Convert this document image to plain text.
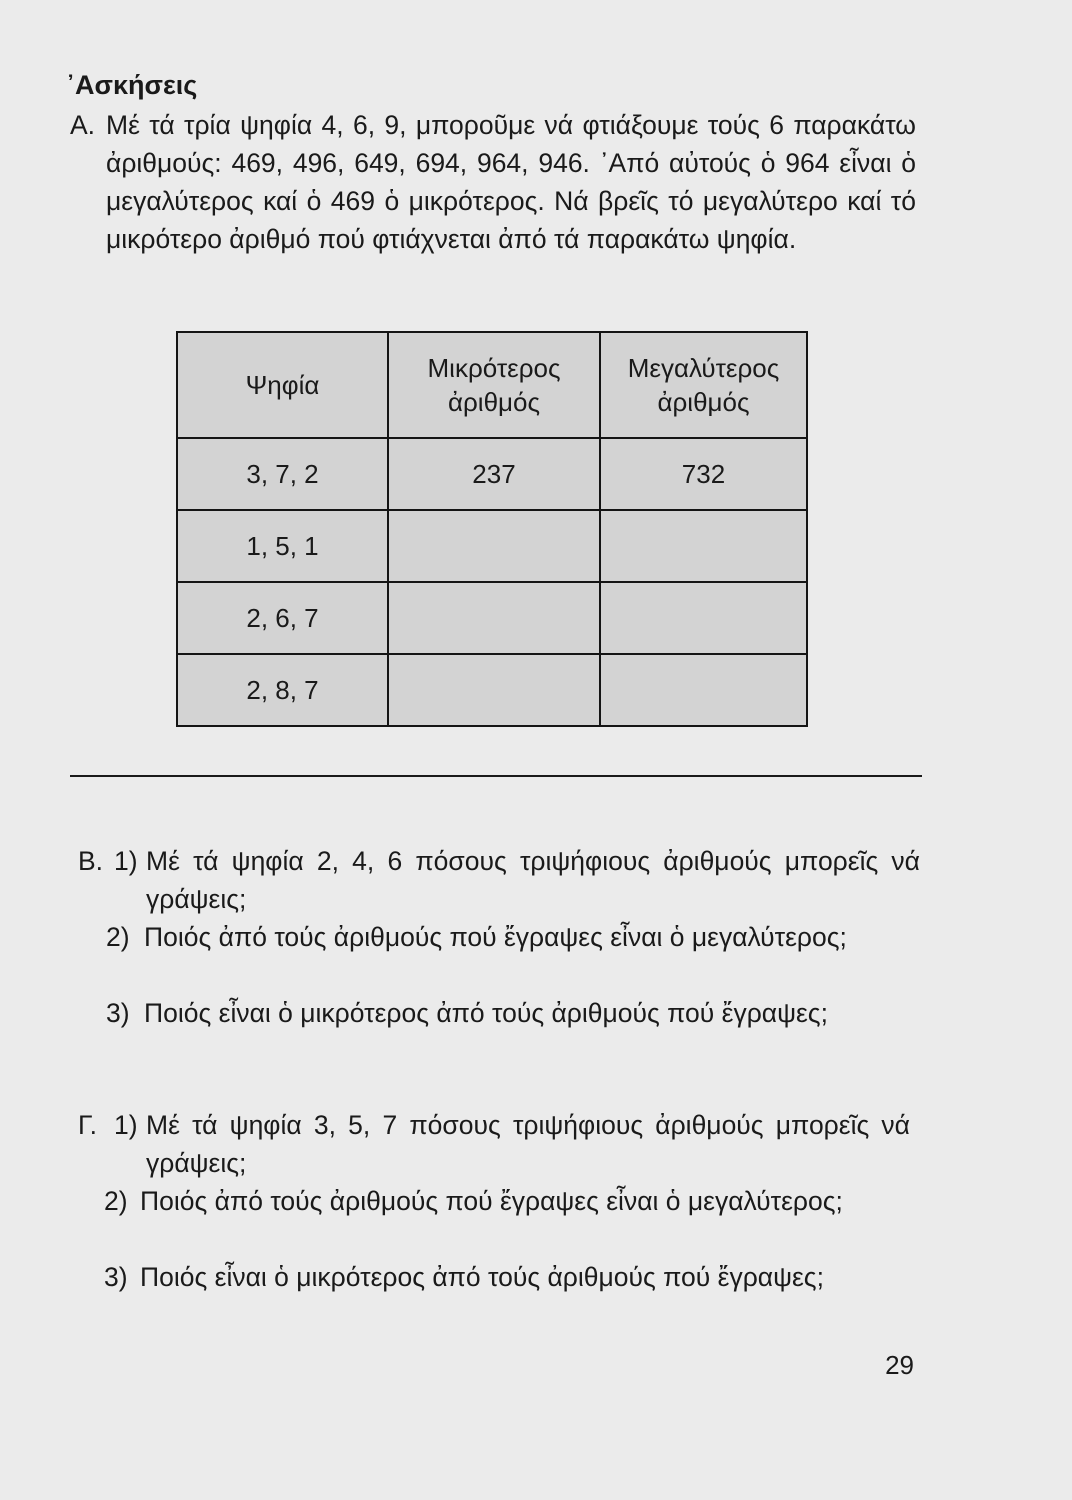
᾽Ασκήσεις
Α. Μέ τά τρία ψηφία 4, 6, 9, μποροῦμε νά φτιάξουμε τούς 6 παρακάτω ἀριθμούς: 469, 496, 649, 694, 964, 946. ᾽Από αὐτούς ὁ 964 εἶναι ὁ μεγαλύτερος καί ὁ 469 ὁ μικρότερος. Νά βρεῖς τό μεγαλύτερο καί τό μικρότερο ἀριθμό πού φτιάχνεται ἀπό τά παρακάτω ψηφία.

Ψηφία	Μικρότερος ἀριθμός	Μεγαλύτερος ἀριθμός
3, 7, 2	237	732
1, 5, 1		
2, 6, 7		
2, 8, 7		
Β. 1) Μέ τά ψηφία 2, 4, 6 πόσους τριψήφιους ἀριθμούς μπορεῖς νά γράψεις;

2) Ποιός ἀπό τούς ἀριθμούς πού ἔγραψες εἶναι ὁ μεγαλύτερος;

3) Ποιός εἶναι ὁ μικρότερος ἀπό τούς ἀριθμούς πού ἔγραψες;

Γ. 1) Μέ τά ψηφία 3, 5, 7 πόσους τριψήφιους ἀριθμούς μπορεῖς νά γράψεις;

2) Ποιός ἀπό τούς ἀριθμούς πού ἔγραψες εἶναι ὁ μεγαλύτερος;

3) Ποιός εἶναι ὁ μικρότερος ἀπό τούς ἀριθμούς πού ἔγραψες;

29
